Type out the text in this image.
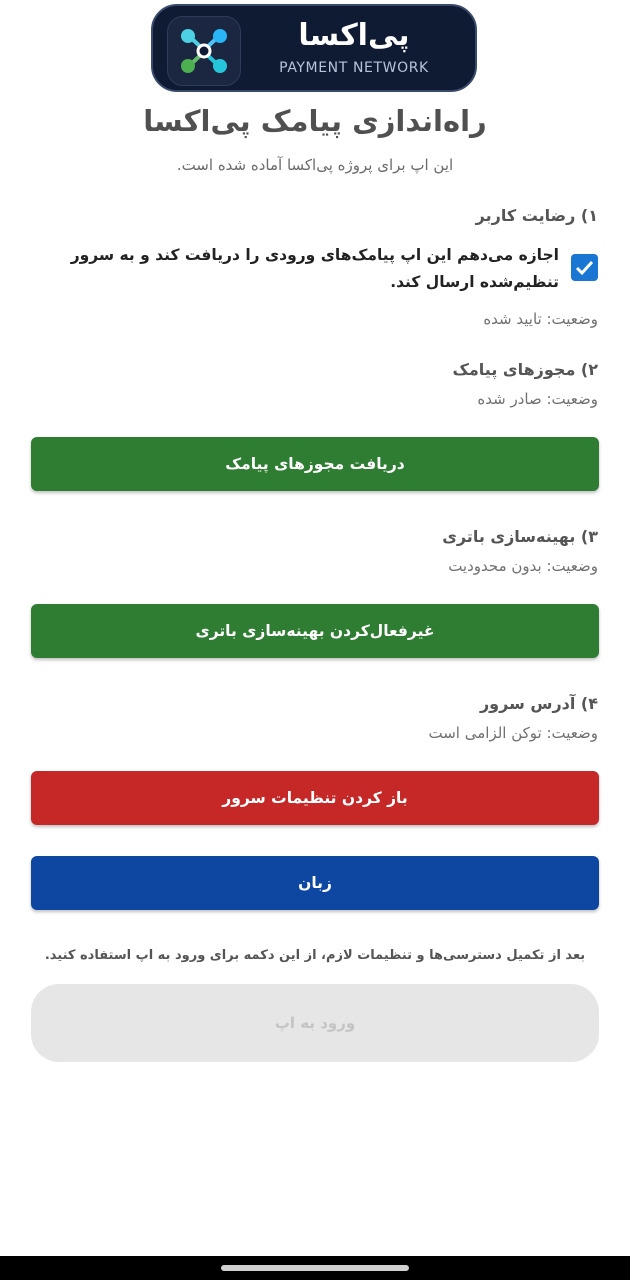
پی‌اکسا
PAYMENT NETWORK
راه‌اندازی پیامک پی‌اکسا
این اپ برای پروژه پی‌اکسا آماده شده است.
۱) رضایت کاربر
اجازه می‌دهم این اپ پیامک‌های ورودی را دریافت کند و به سرور تنظیم‌شده ارسال کند.
وضعیت: تایید شده
۲) مجوزهای پیامک
وضعیت: صادر شده
دریافت مجوزهای پیامک
۳) بهینه‌سازی باتری
وضعیت: بدون محدودیت
غیرفعال‌کردن بهینه‌سازی باتری
۴) آدرس سرور
وضعیت: توکن الزامی است
باز کردن تنظیمات سرور
زبان
بعد از تکمیل دسترسی‌ها و تنظیمات لازم، از این دکمه برای ورود به اپ استفاده کنید.
ورود به اپ
